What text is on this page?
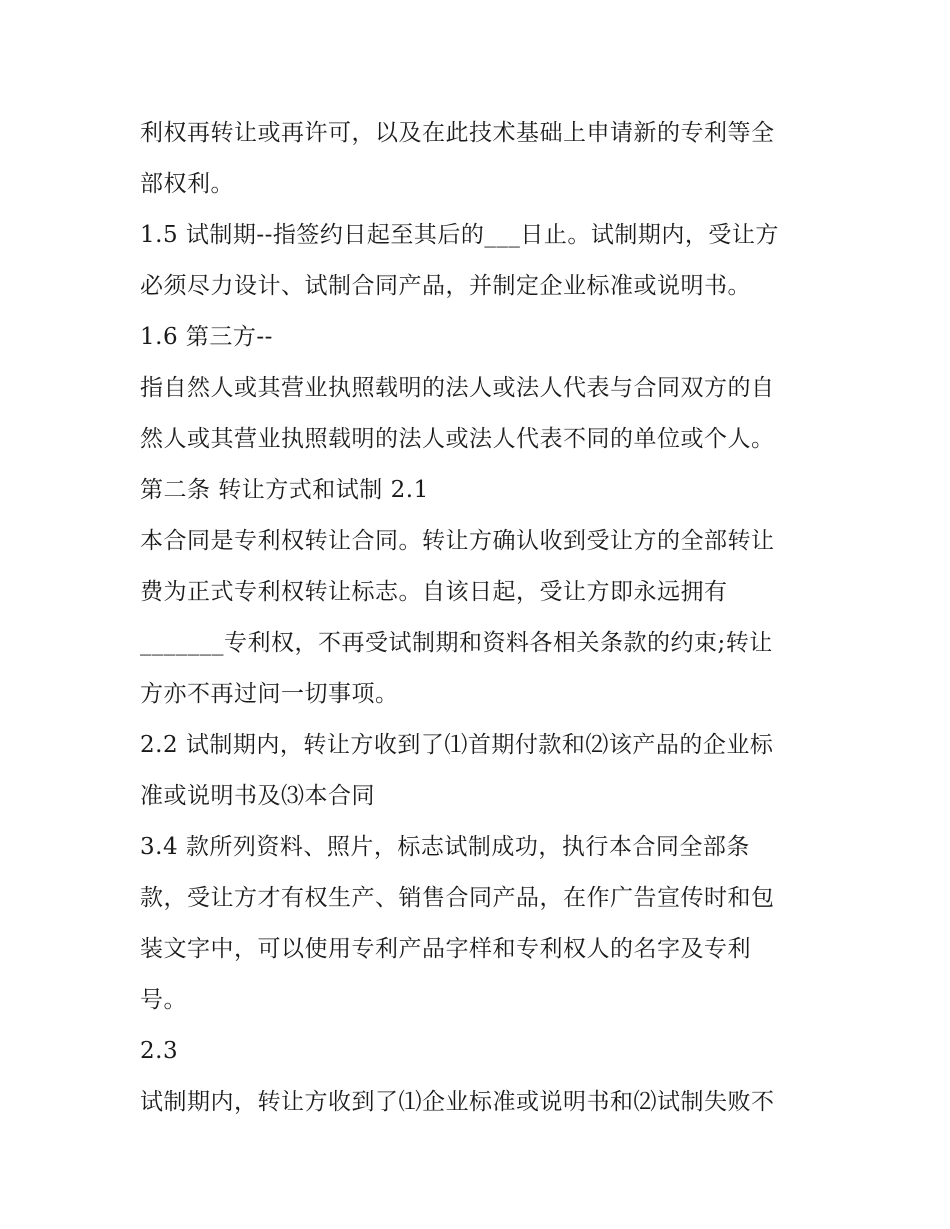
利权再转让或再许可，以及在此技术基础上申请新的专利等全
部权利。
1.5 试制期--指签约日起至其后的___日止。试制期内，受让方
必须尽力设计、试制合同产品，并制定企业标准或说明书。
1.6 第三方--
指自然人或其营业执照载明的法人或法人代表与合同双方的自
然人或其营业执照载明的法人或法人代表不同的单位或个人。
第二条 转让方式和试制 2.1
本合同是专利权转让合同。转让方确认收到受让方的全部转让
费为正式专利权转让标志。自该日起，受让方即永远拥有
_______专利权，不再受试制期和资料各相关条款的约束;转让
方亦不再过问一切事项。
2.2 试制期内，转让方收到了⑴首期付款和⑵该产品的企业标
准或说明书及⑶本合同
3.4 款所列资料、照片，标志试制成功，执行本合同全部条
款，受让方才有权生产、销售合同产品，在作广告宣传时和包
装文字中，可以使用专利产品字样和专利权人的名字及专利
号。
2.3
试制期内，转让方收到了⑴企业标准或说明书和⑵试制失败不
